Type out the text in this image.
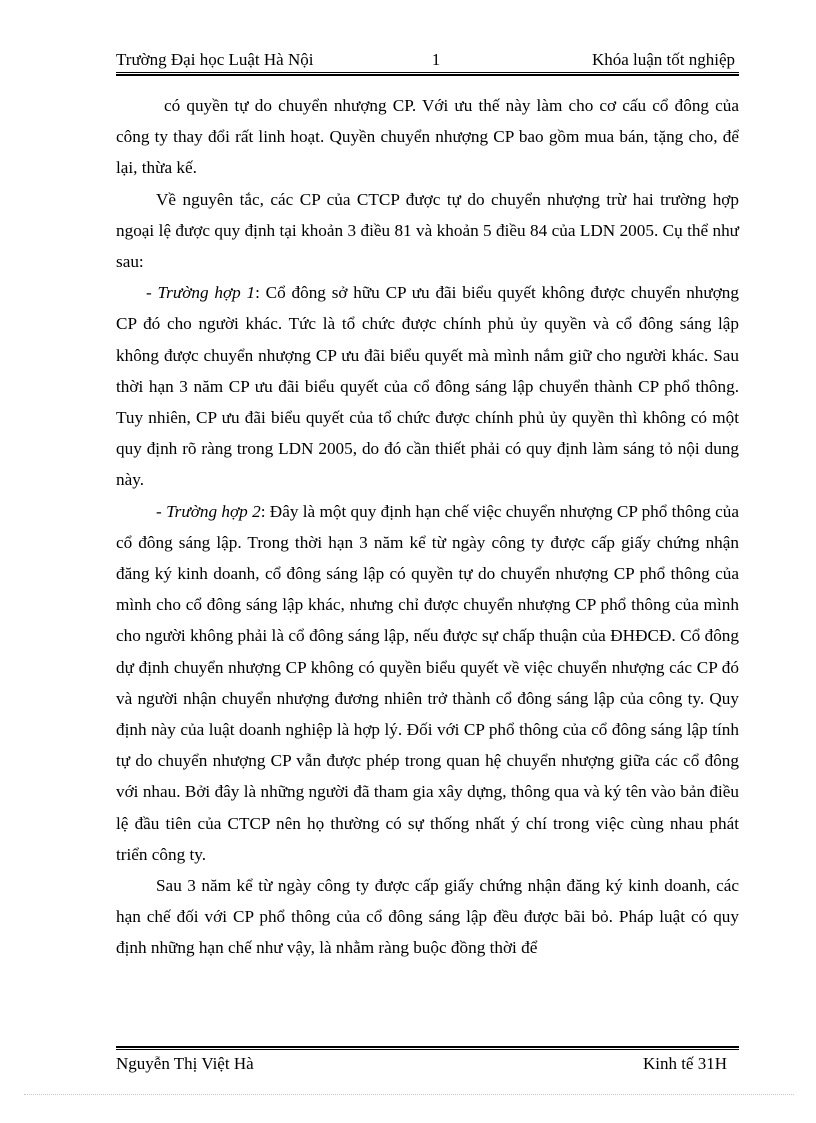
Trường Đại học Luật Hà Nội	1	Khóa luận tốt nghiệp

có quyền tự do chuyển nhượng CP. Với ưu thế này làm cho cơ cấu cổ đông của công ty thay đổi rất linh hoạt. Quyền chuyển nhượng CP bao gồm mua bán, tặng cho, để lại, thừa kế.

Về nguyên tắc, các CP của CTCP được tự do chuyển nhượng trừ hai trường hợp ngoại lệ được quy định tại khoản 3 điều 81 và khoản 5 điều 84 của LDN 2005. Cụ thể như sau:

- Trường hợp 1: Cổ đông sở hữu CP ưu đãi biểu quyết không được chuyển nhượng CP đó cho người khác. Tức là tổ chức được chính phủ ủy quyền và cổ đông sáng lập không được chuyển nhượng CP ưu đãi biểu quyết mà mình nắm giữ cho người khác. Sau thời hạn 3 năm CP ưu đãi biểu quyết của cổ đông sáng lập chuyển thành CP phổ thông. Tuy nhiên, CP ưu đãi biểu quyết của tổ chức được chính phủ ủy quyền thì không có một quy định rõ ràng trong LDN 2005, do đó cần thiết phải có quy định làm sáng tỏ nội dung này.

- Trường hợp 2: Đây là một quy định hạn chế việc chuyển nhượng CP phổ thông của cổ đông sáng lập. Trong thời hạn 3 năm kể từ ngày công ty được cấp giấy chứng nhận đăng ký kinh doanh, cổ đông sáng lập có quyền tự do chuyển nhượng CP phổ thông của mình cho cổ đông sáng lập khác, nhưng chỉ được chuyển nhượng CP phổ thông của mình cho người không phải là cổ đông sáng lập, nếu được sự chấp thuận của ĐHĐCĐ. Cổ đông dự định chuyển nhượng CP không có quyền biểu quyết về việc chuyển nhượng các CP đó và người nhận chuyển nhượng đương nhiên trở thành cổ đông sáng lập của công ty. Quy định này của luật doanh nghiệp là hợp lý. Đối với CP phổ thông của cổ đông sáng lập tính tự do chuyển nhượng CP vẫn được phép trong quan hệ chuyển nhượng giữa các cổ đông với nhau. Bởi đây là những người đã tham gia xây dựng, thông qua và ký tên vào bản điều lệ đầu tiên của CTCP nên họ thường có sự thống nhất ý chí trong việc cùng nhau phát triển công ty.

Sau 3 năm kể từ ngày công ty được cấp giấy chứng nhận đăng ký kinh doanh, các hạn chế đối với CP phổ thông của cổ đông sáng lập đều được bãi bỏ. Pháp luật có quy định những hạn chế như vậy, là nhằm ràng buộc đồng thời để

Nguyễn Thị Việt Hà	Kinh tế 31H
